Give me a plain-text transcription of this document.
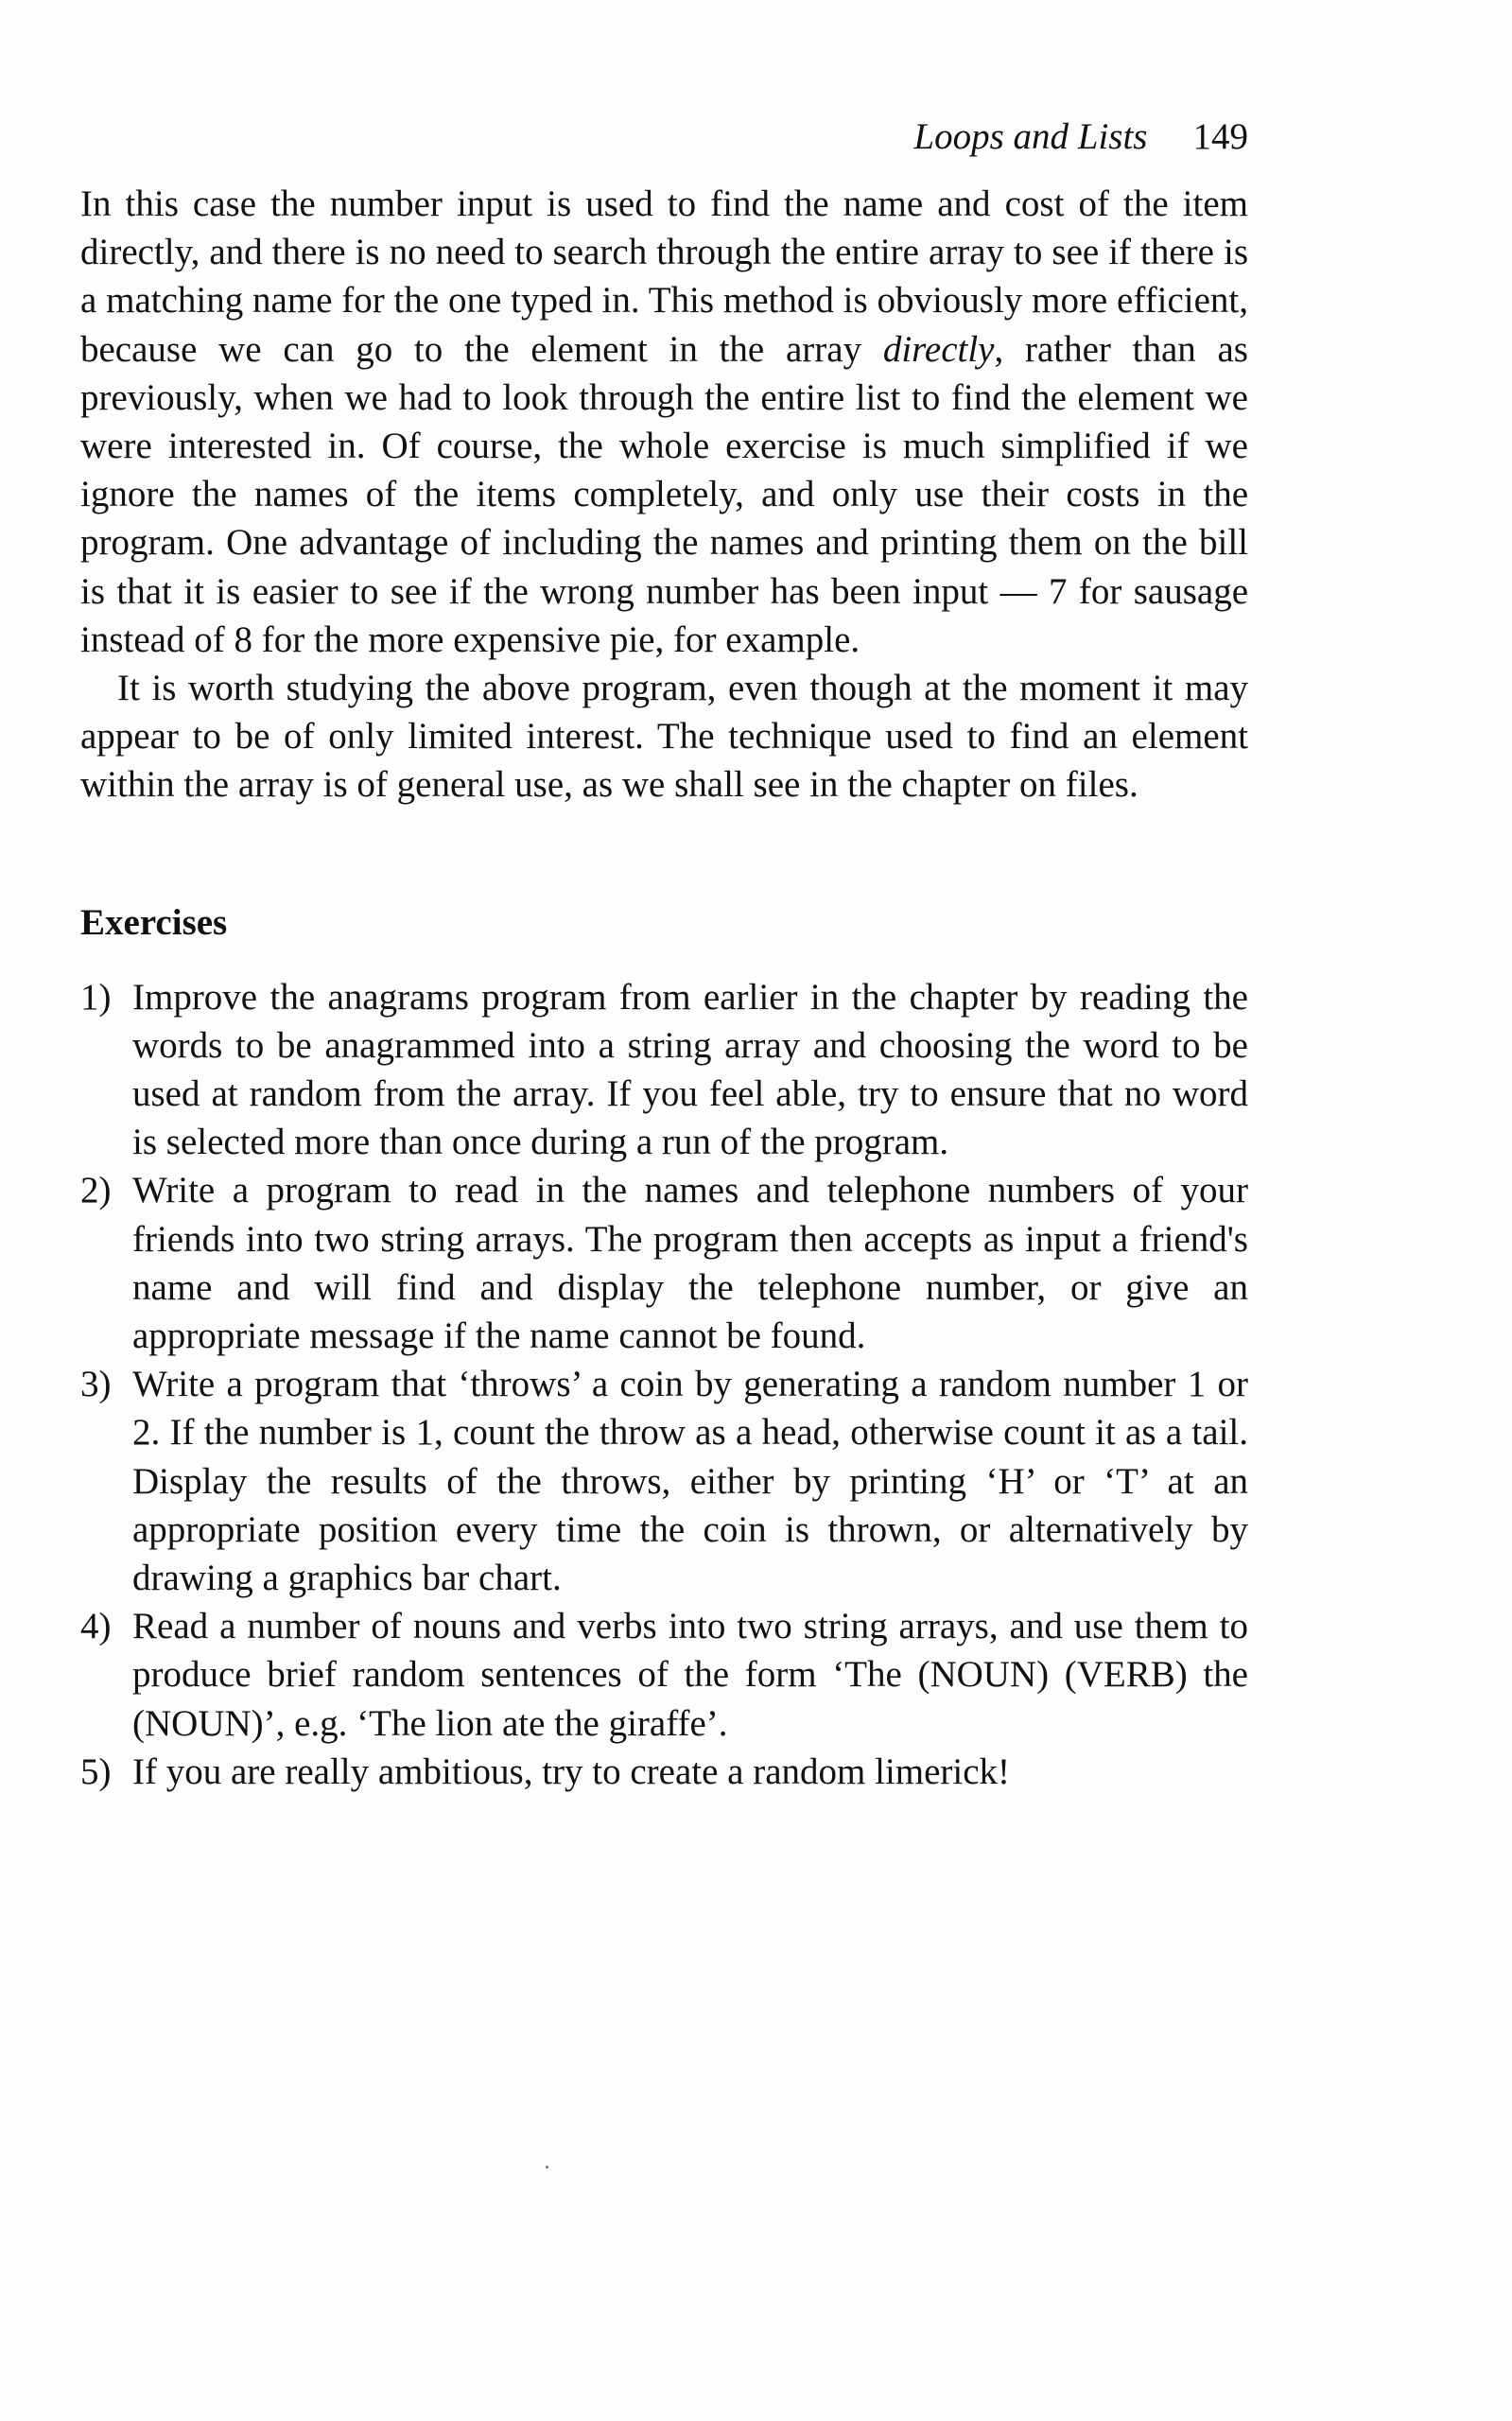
Loops and Lists 149

In this case the number input is used to find the name and cost of the item directly, and there is no need to search through the entire array to see if there is a matching name for the one typed in. This method is obviously more efficient, because we can go to the element in the array directly, rather than as previously, when we had to look through the entire list to find the element we were interested in. Of course, the whole exercise is much simplified if we ignore the names of the items completely, and only use their costs in the program. One advantage of including the names and printing them on the bill is that it is easier to see if the wrong number has been input — 7 for sausage instead of 8 for the more expensive pie, for example.

It is worth studying the above program, even though at the moment it may appear to be of only limited interest. The technique used to find an element within the array is of general use, as we shall see in the chapter on files.

Exercises
1) Improve the anagrams program from earlier in the chapter by reading the words to be anagrammed into a string array and choosing the word to be used at random from the array. If you feel able, try to ensure that no word is selected more than once during a run of the program.
2) Write a program to read in the names and telephone numbers of your friends into two string arrays. The program then accepts as input a friend's name and will find and display the telephone number, or give an appropriate message if the name cannot be found.
3) Write a program that ‘throws’ a coin by generating a random number 1 or 2. If the number is 1, count the throw as a head, otherwise count it as a tail. Display the results of the throws, either by printing ‘H’ or ‘T’ at an appropriate position every time the coin is thrown, or alternatively by drawing a graphics bar chart.
4) Read a number of nouns and verbs into two string arrays, and use them to produce brief random sentences of the form ‘The (NOUN) (VERB) the (NOUN)’, e.g. ‘The lion ate the giraffe’.
5) If you are really ambitious, try to create a random limerick!
